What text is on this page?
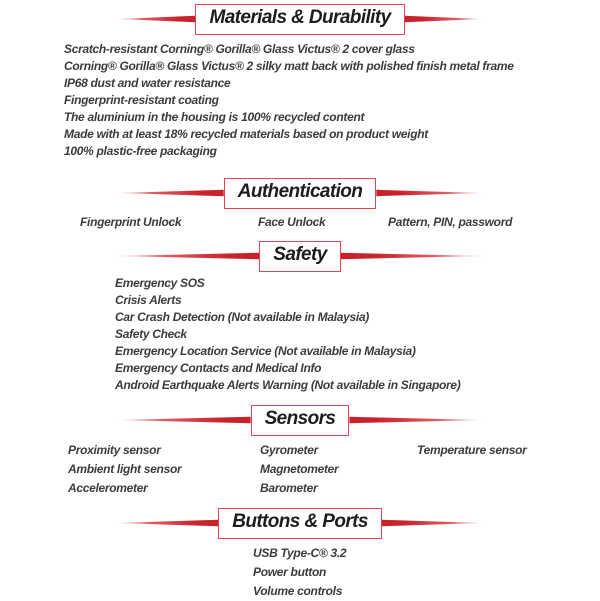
Materials & Durability
Scratch-resistant Corning® Gorilla® Glass Victus® 2 cover glass
Corning® Gorilla® Glass Victus® 2 silky matt back with polished finish metal frame
IP68 dust and water resistance
Fingerprint-resistant coating
The aluminium in the housing is 100% recycled content
Made with at least 18% recycled materials based on product weight
100% plastic-free packaging
Authentication
Fingerprint Unlock	Face Unlock	Pattern, PIN, password
Safety
Emergency SOS
Crisis Alerts
Car Crash Detection (Not available in Malaysia)
Safety Check
Emergency Location Service (Not available in Malaysia)
Emergency Contacts and Medical Info
Android Earthquake Alerts Warning (Not available in Singapore)
Sensors
Proximity sensor
Ambient light sensor
Accelerometer
Gyrometer
Magnetometer
Barometer
Temperature sensor
Buttons & Ports
USB Type-C® 3.2
Power button
Volume controls
